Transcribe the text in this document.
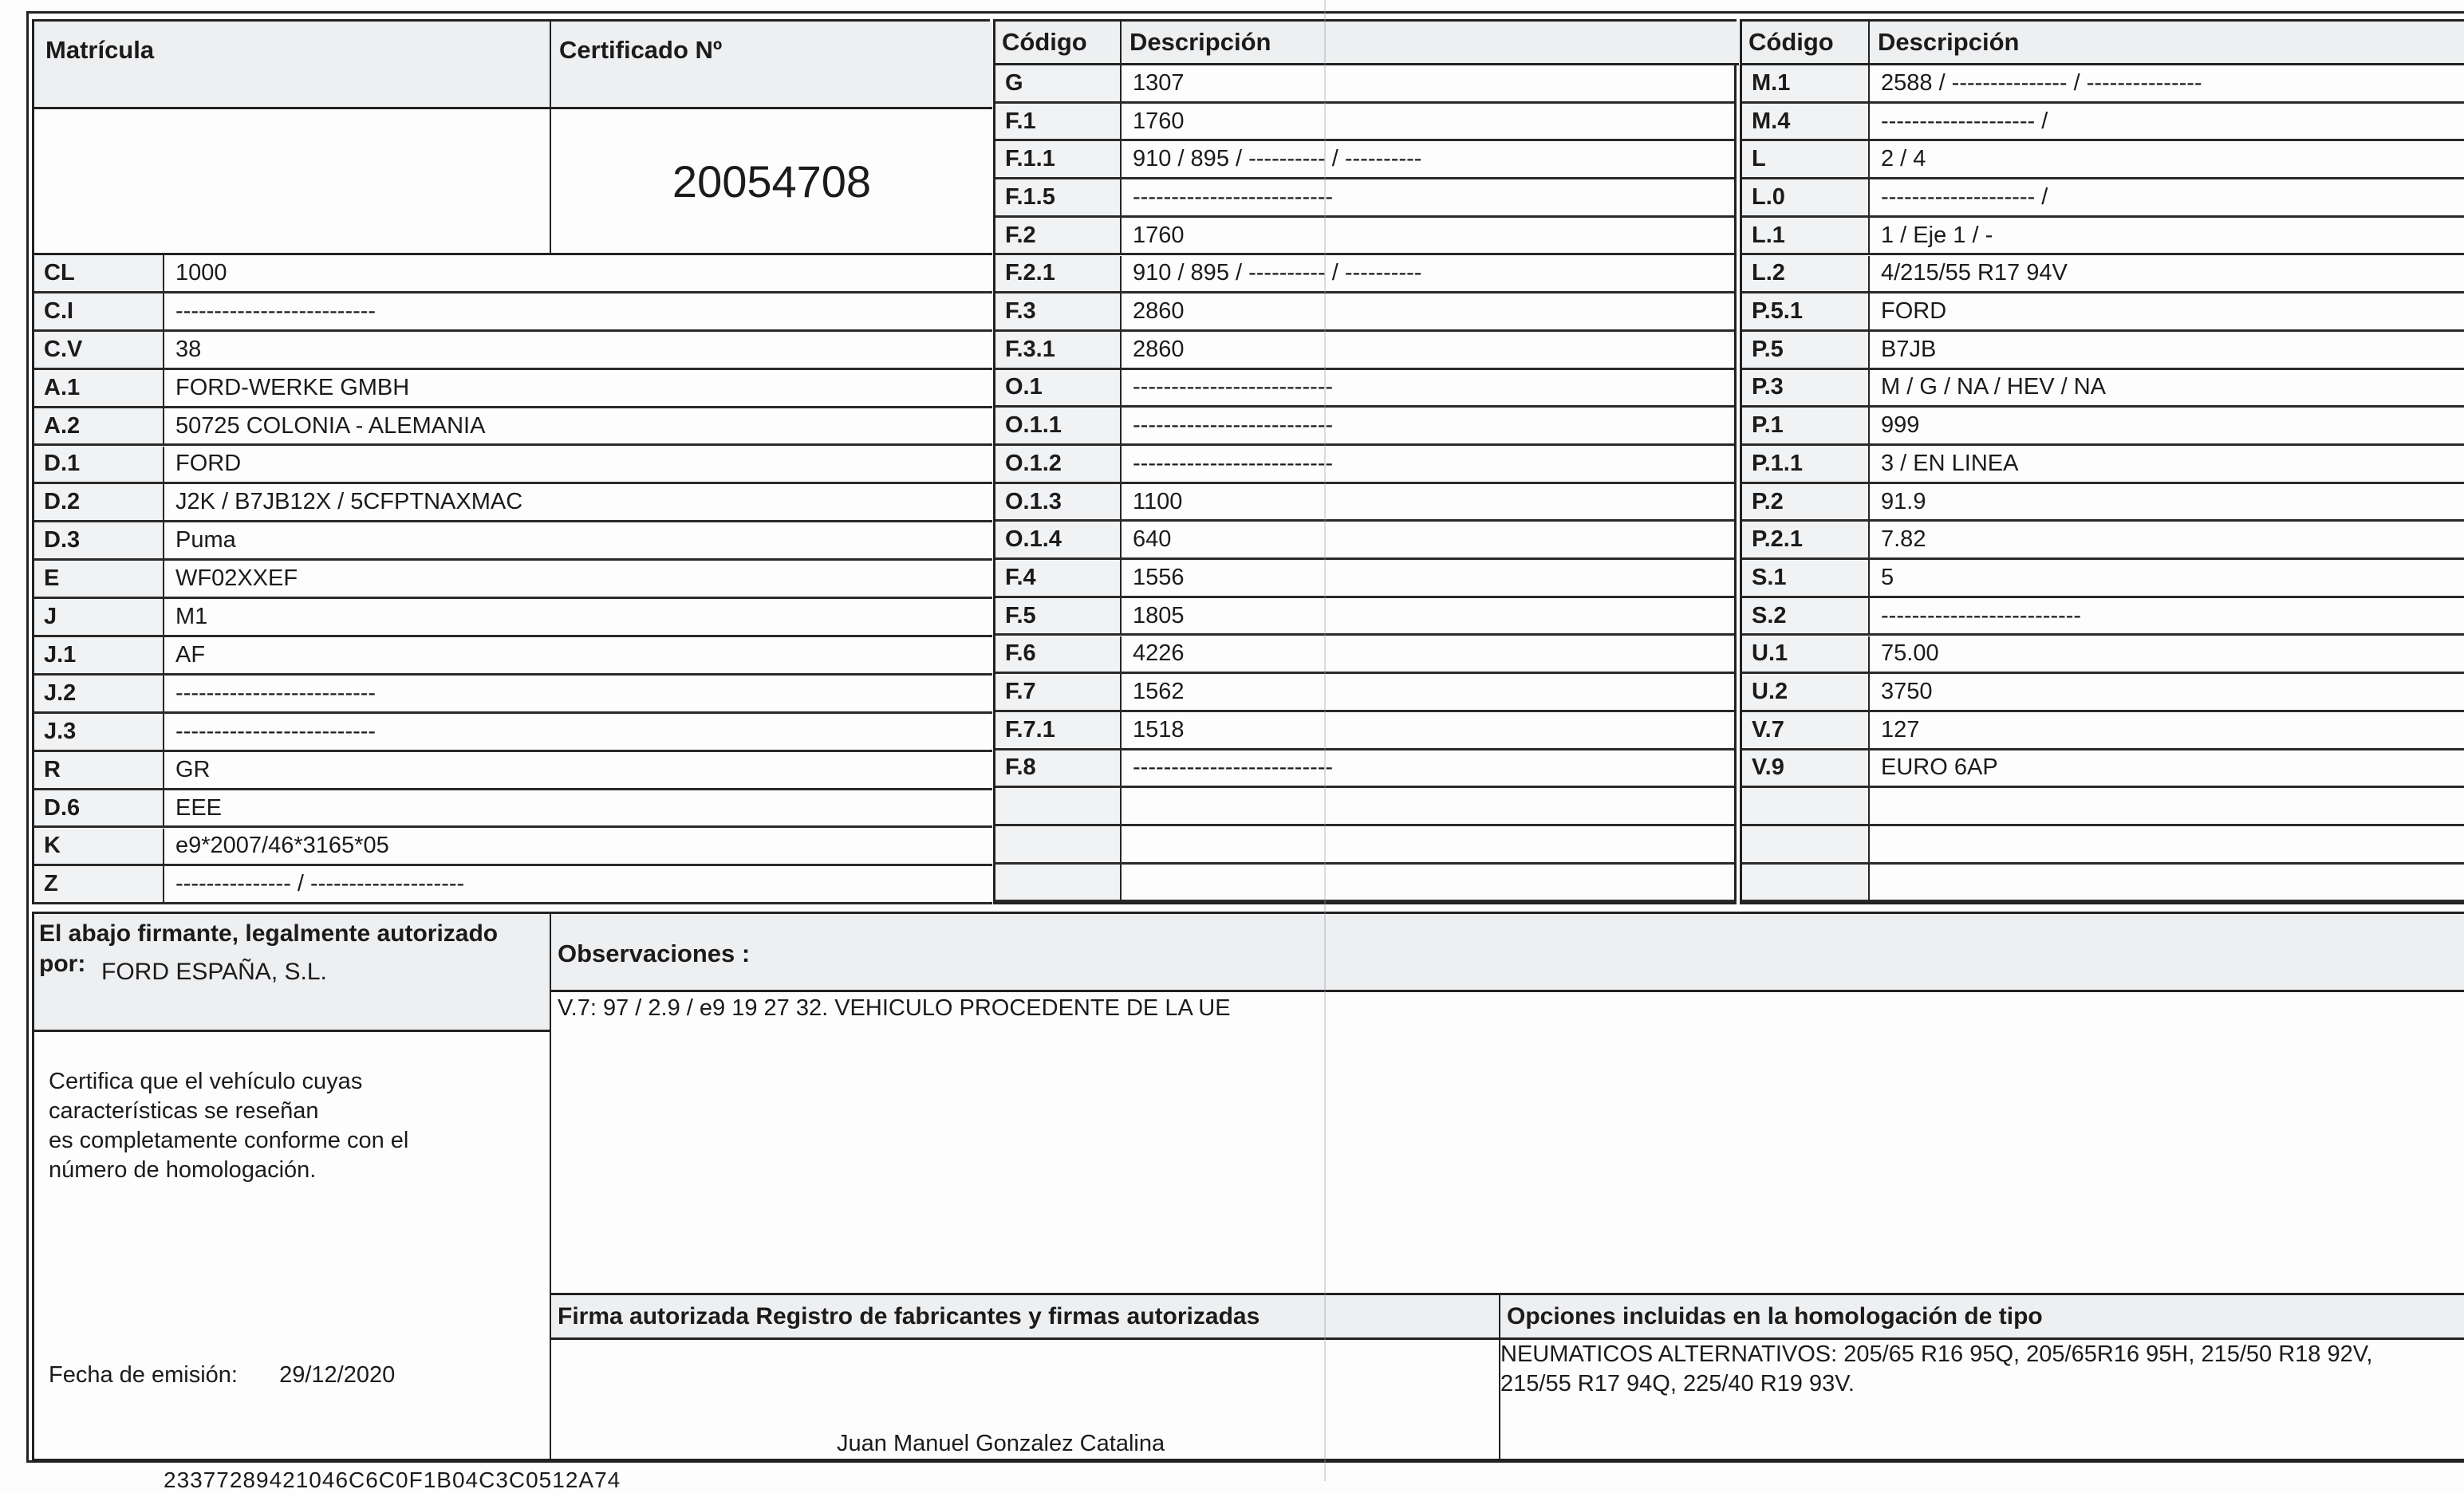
Matrícula	Certificado Nº
20054708
CL	1000
C.I	--------------------------
C.V	38
A.1	FORD-WERKE GMBH
A.2	50725 COLONIA - ALEMANIA
D.1	FORD
D.2	J2K / B7JB12X / 5CFPTNAXMAC
D.3	Puma
E	WF02XXEF
J	M1
J.1	AF
J.2	--------------------------
J.3	--------------------------
R	GR
D.6	EEE
K	e9*2007/46*3165*05
Z	--------------- / --------------------
Código Descripción
G	1307
F.1	1760
F.1.1	910 / 895 / ---------- / ----------
F.1.5	--------------------------
F.2	1760
F.2.1	910 / 895 / ---------- / ----------
F.3	2860
F.3.1	2860
O.1	--------------------------
O.1.1	--------------------------
O.1.2	--------------------------
O.1.3	1100
O.1.4	640
F.4	1556
F.5	1805
F.6	4226
F.7	1562
F.7.1	1518
F.8	--------------------------
Código Descripción
M.1	2588 / --------------- / ---------------
M.4	-------------------- /
L	2 / 4
L.0	-------------------- /
L.1	1 / Eje 1 / -
L.2	4/215/55 R17 94V
P.5.1	FORD
P.5	B7JB
P.3	M / G / NA / HEV / NA
P.1	999
P.1.1	3 / EN LINEA
P.2	91.9
P.2.1	7.82
S.1	5
S.2	--------------------------
U.1	75.00
U.2	3750
V.7	127
V.9	EURO 6AP
El abajo firmante, legalmente autorizado
por: FORD ESPAÑA, S.L.
Certifica que el vehículo cuyas
características se reseñan
es completamente conforme con el
número de homologación.
Fecha de emisión: 29/12/2020
Observaciones :
V.7: 97 / 2.9 / e9 19 27 32. VEHICULO PROCEDENTE DE LA UE
Firma autorizada Registro de fabricantes y firmas autorizadas
Juan Manuel Gonzalez Catalina
Opciones incluidas en la homologación de tipo
NEUMATICOS ALTERNATIVOS: 205/65 R16 95Q, 205/65R16 95H, 215/50 R18 92V,
215/55 R17 94Q, 225/40 R19 93V.
23377289421046C6C0F1B04C3C0512A74
